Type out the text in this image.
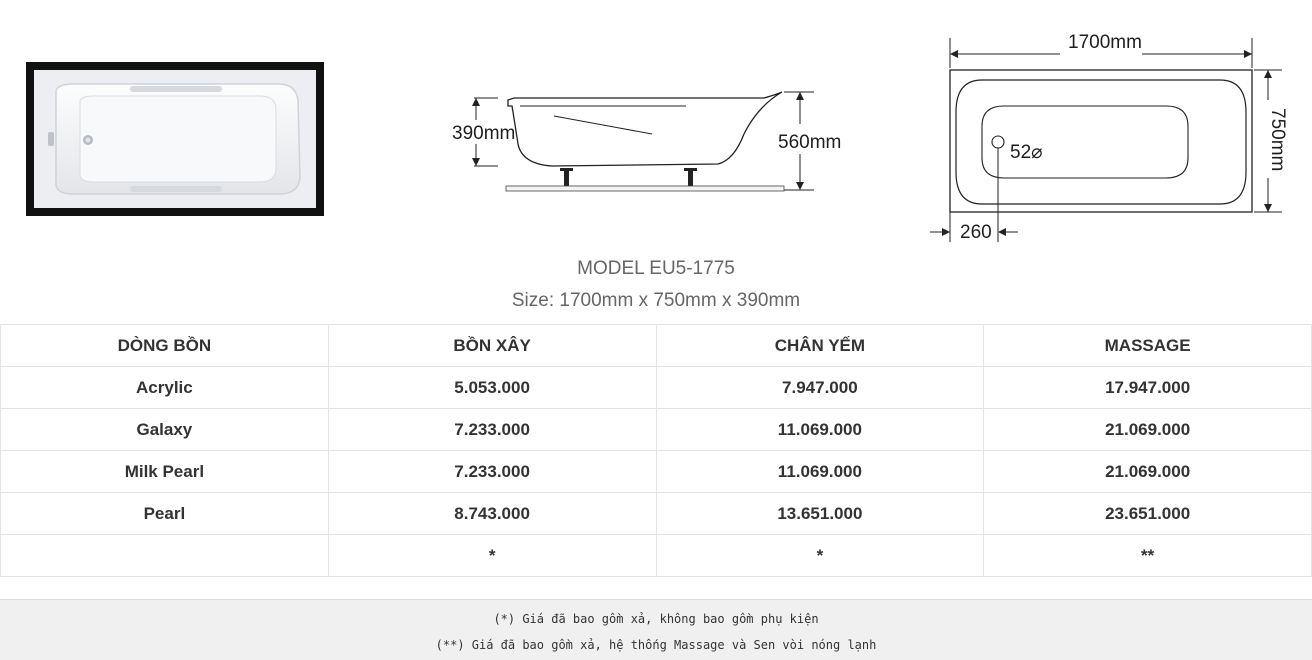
390mm	560mm
1700mm
52⌀	750mm
260
MODEL EU5-1775
Size: 1700mm x 750mm x 390mm
DÒNG BỒN	BỒN XÂY	CHÂN YẾM	MASSAGE
Acrylic	5.053.000	7.947.000	17.947.000
Galaxy	7.233.000	11.069.000	21.069.000
Milk Pearl	7.233.000	11.069.000	21.069.000
Pearl	8.743.000	13.651.000	23.651.000
	*	*	**
(*) Giá đã bao gồm xả, không bao gồm phụ kiện
(**) Giá đã bao gồm xả, hệ thống Massage và Sen vòi nóng lạnh
